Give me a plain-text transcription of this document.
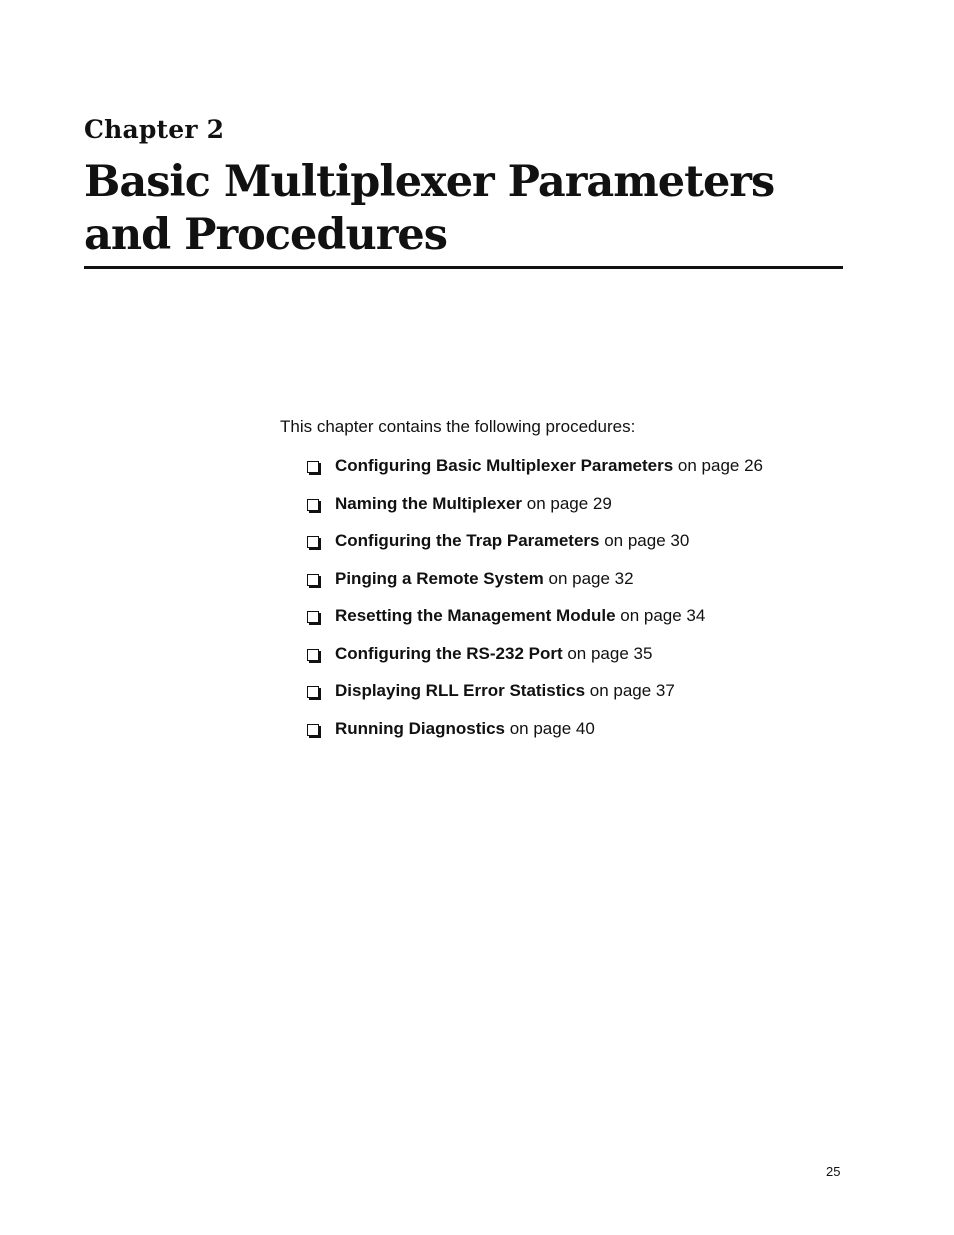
Chapter 2
Basic Multiplexer Parameters and Procedures

This chapter contains the following procedures:

Configuring Basic Multiplexer Parameters on page 26
Naming the Multiplexer on page 29
Configuring the Trap Parameters on page 30
Pinging a Remote System on page 32
Resetting the Management Module on page 34
Configuring the RS-232 Port on page 35
Displaying RLL Error Statistics on page 37
Running Diagnostics on page 40

25
